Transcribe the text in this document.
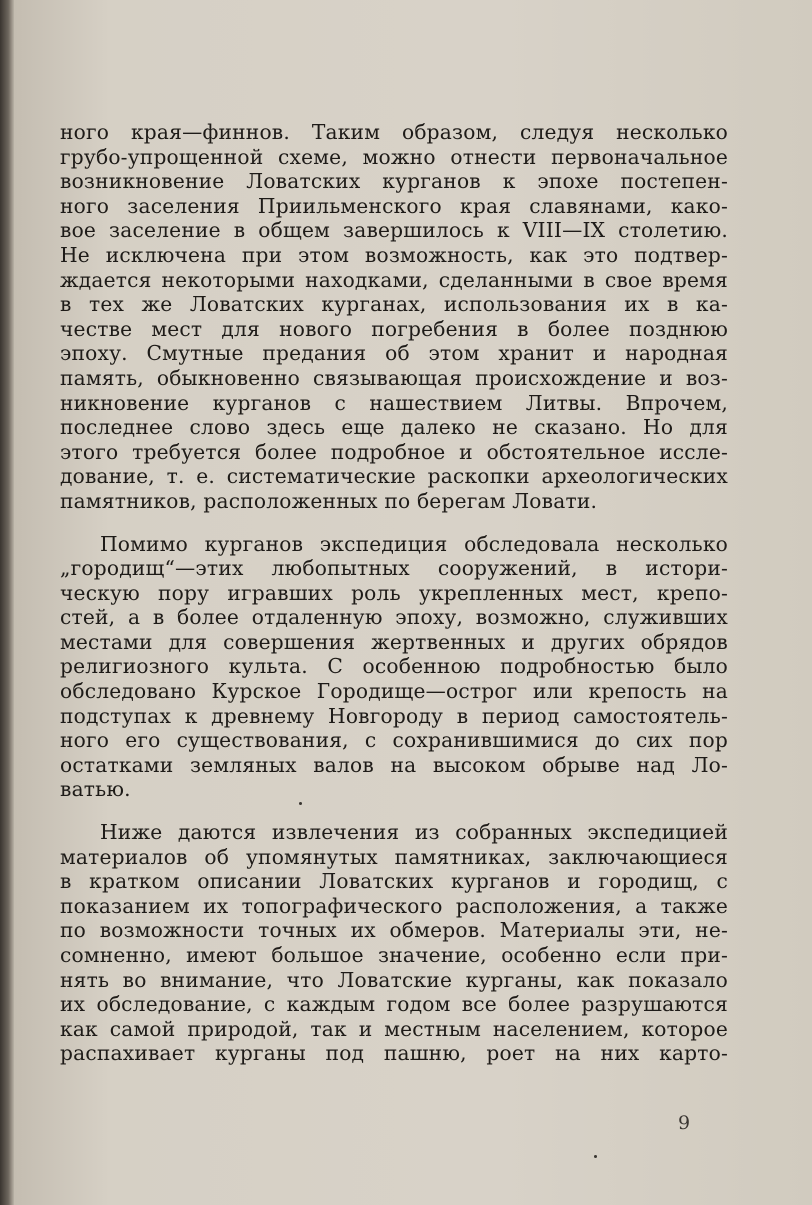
ного края—финнов. Таким образом, следуя несколько
грубо-упрощенной схеме, можно отнести первоначальное
возникновение Ловатских курганов к эпохе постепен-
ного заселения Приильменского края славянами, како-
вое заселение в общем завершилось к VIII—IX столетию.
Не исключена при этом возможность, как это подтвер-
ждается некоторыми находками, сделанными в свое время
в тех же Ловатских курганах, использования их в ка-
честве мест для нового погребения в более позднюю
эпоху. Смутные предания об этом хранит и народная
память, обыкновенно связывающая происхождение и воз-
никновение курганов с нашествием Литвы. Впрочем,
последнее слово здесь еще далеко не сказано. Но для
этого требуется более подробное и обстоятельное иссле-
дование, т. е. систематические раскопки археологических
памятников, расположенных по берегам Ловати.
Помимо курганов экспедиция обследовала несколько
„городищ“—этих любопытных сооружений, в истори-
ческую пору игравших роль укрепленных мест, крепо-
стей, а в более отдаленную эпоху, возможно, служивших
местами для совершения жертвенных и других обрядов
религиозного культа. С особенною подробностью было
обследовано Курское Городище—острог или крепость на
подступах к древнему Новгороду в период самостоятель-
ного его существования, с сохранившимися до сих пор
остатками земляных валов на высоком обрыве над Ло-
ватью.
Ниже даются извлечения из собранных экспедицией
материалов об упомянутых памятниках, заключающиеся
в кратком описании Ловатских курганов и городищ, с
показанием их топографического расположения, а также
по возможности точных их обмеров. Материалы эти, не-
сомненно, имеют большое значение, особенно если при-
нять во внимание, что Ловатские курганы, как показало
их обследование, с каждым годом все более разрушаются
как самой природой, так и местным населением, которое
распахивает курганы под пашню, роет на них карто-
9
